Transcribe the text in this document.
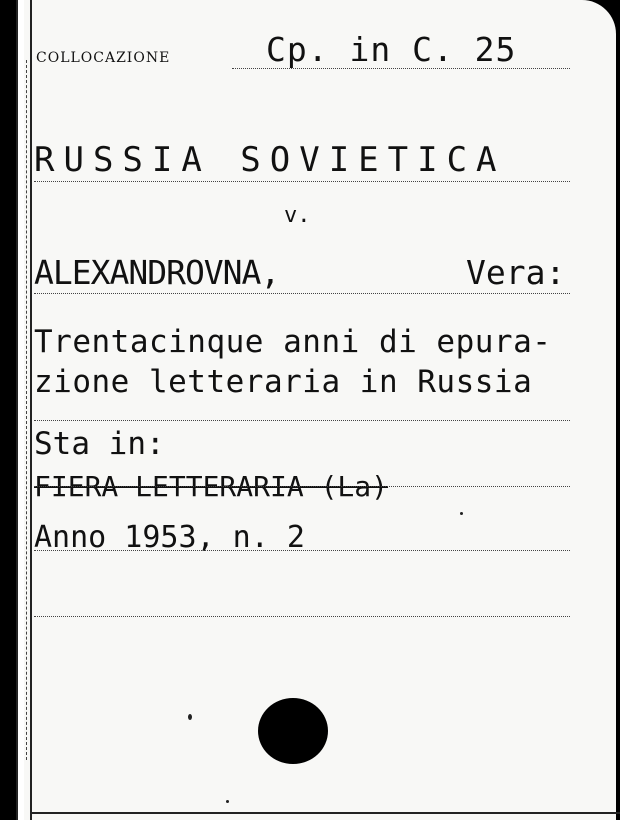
COLLOCAZIONE	Cp. in C. 25
RUSSIA SOVIETICA
v.
ALEXANDROVNA,	Vera:
Trentacinque anni di epura-
zione letteraria in Russia
Sta in:
FIERA LETTERARIA (La)
Anno 1953, n. 2
